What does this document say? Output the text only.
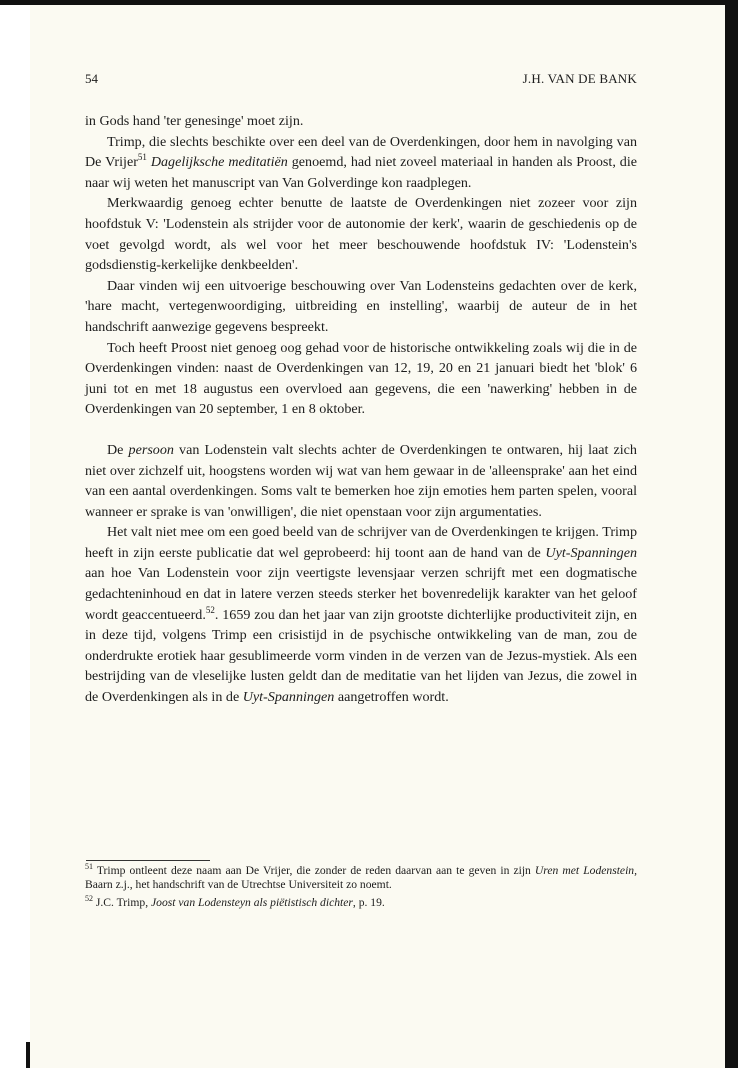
54	J.H. VAN DE BANK

in Gods hand 'ter genesinge' moet zijn.

Trimp, die slechts beschikte over een deel van de Overdenkingen, door hem in navolging van De Vrijer$^{51}$ Dagelijksche meditatiën genoemd, had niet zoveel materiaal in handen als Proost, die naar wij weten het manuscript van Van Golverdinge kon raadplegen.

Merkwaardig genoeg echter benutte de laatste de Overdenkingen niet zozeer voor zijn hoofdstuk V: 'Lodenstein als strijder voor de autonomie der kerk', waarin de geschiedenis op de voet gevolgd wordt, als wel voor het meer beschouwende hoofdstuk IV: 'Lodenstein's godsdienstig-kerkelijke denkbeelden'.

Daar vinden wij een uitvoerige beschouwing over Van Lodensteins gedachten over de kerk, 'hare macht, vertegenwoordiging, uitbreiding en instelling', waarbij de auteur de in het handschrift aanwezige gegevens bespreekt.

Toch heeft Proost niet genoeg oog gehad voor de historische ontwikkeling zoals wij die in de Overdenkingen vinden: naast de Overdenkingen van 12, 19, 20 en 21 januari biedt het 'blok' 6 juni tot en met 18 augustus een overvloed aan gegevens, die een 'nawerking' hebben in de Overdenkingen van 20 september, 1 en 8 oktober.

De persoon van Lodenstein valt slechts achter de Overdenkingen te ontwaren, hij laat zich niet over zichzelf uit, hoogstens worden wij wat van hem gewaar in de 'alleensprake' aan het eind van een aantal overdenkingen. Soms valt te bemerken hoe zijn emoties hem parten spelen, vooral wanneer er sprake is van 'onwilligen', die niet openstaan voor zijn argumentaties.

Het valt niet mee om een goed beeld van de schrijver van de Overdenkingen te krijgen. Trimp heeft in zijn eerste publicatie dat wel geprobeerd: hij toont aan de hand van de Uyt-Spanningen aan hoe Van Lodenstein voor zijn veertigste levensjaar verzen schrijft met een dogmatische gedachteninhoud en dat in latere verzen steeds sterker het bovenredelijk karakter van het geloof wordt geaccentueerd.$^{52}$. 1659 zou dan het jaar van zijn grootste dichterlijke productiviteit zijn, en in deze tijd, volgens Trimp een crisistijd in de psychische ontwikkeling van de man, zou de onderdrukte erotiek haar gesublimeerde vorm vinden in de verzen van de Jezus-mystiek. Als een bestrijding van de vleselijke lusten geldt dan de meditatie van het lijden van Jezus, die zowel in de Overdenkingen als in de Uyt-Spanningen aangetroffen wordt.

$^{51}$ Trimp ontleent deze naam aan De Vrijer, die zonder de reden daarvan aan te geven in zijn Uren met Lodenstein, Baarn z.j., het handschrift van de Utrechtse Universiteit zo noemt.

$^{52}$ J.C. Trimp, Joost van Lodensteyn als piëtistisch dichter, p. 19.
